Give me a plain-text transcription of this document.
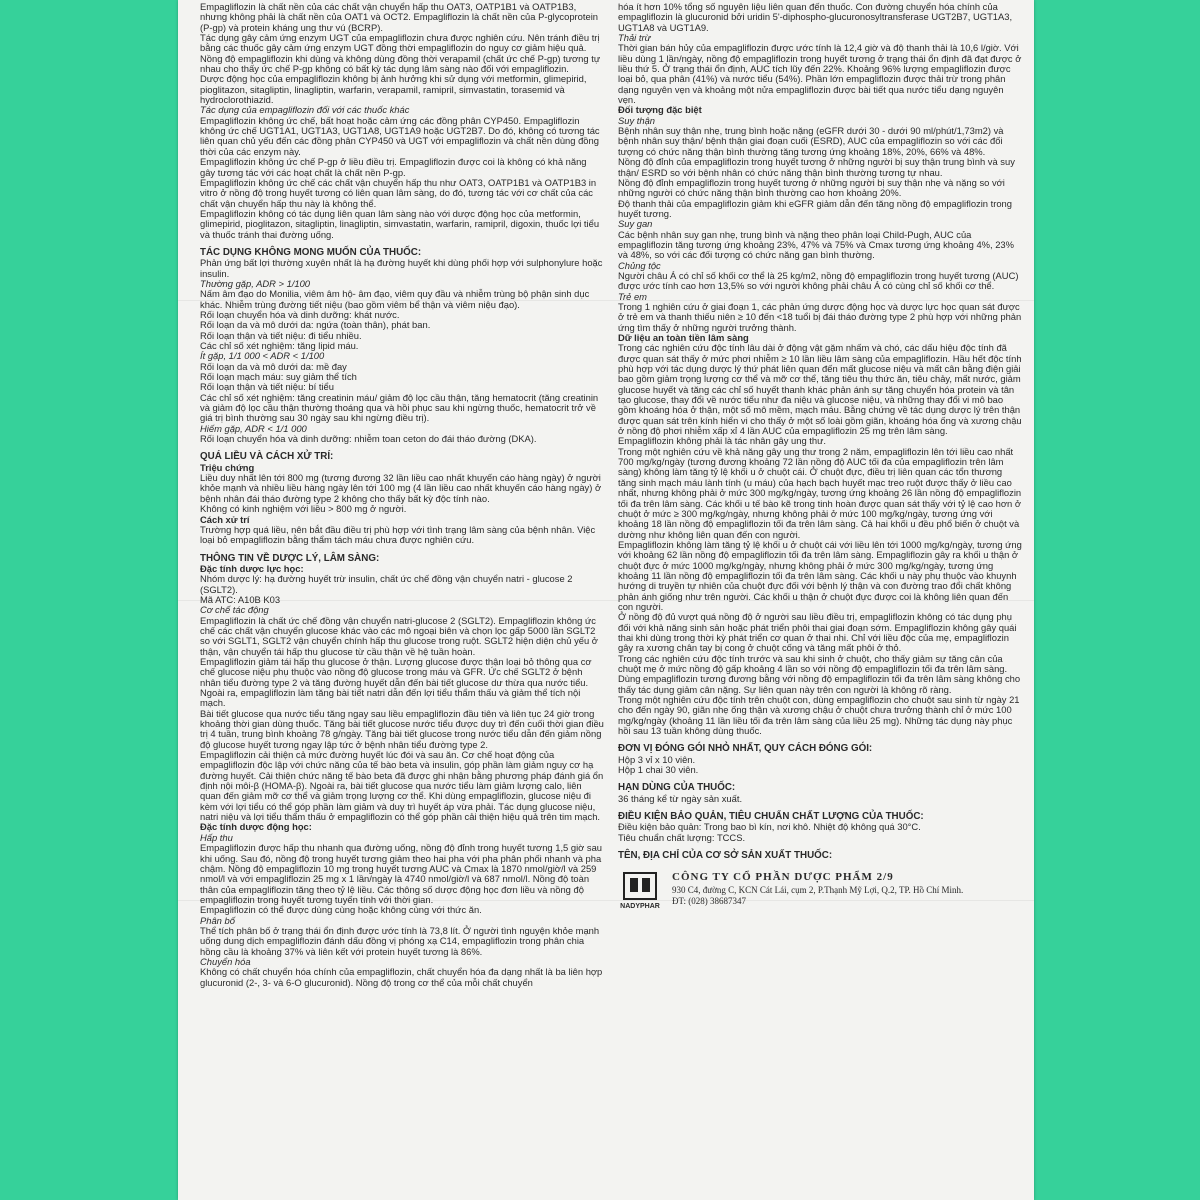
Empagliflozin là chất nền của các chất vận chuyển hấp thu OAT3, OATP1B1 và OATP1B3, nhưng không phải là chất nền của OAT1 và OCT2. Empagliflozin là chất nền của P-glycoprotein (P-gp) và protein kháng ung thư vú (BCRP).

Tác dụng gây cảm ứng enzym UGT của empagliflozin chưa được nghiên cứu. Nên tránh điều trị bằng các thuốc gây cảm ứng enzym UGT đồng thời empagliflozin do nguy cơ giảm hiệu quả.

Nồng độ empagliflozin khi dùng và không dùng đồng thời verapamil (chất ức chế P-gp) tương tự nhau cho thấy ức chế P-gp không có bất kỳ tác dụng lâm sàng nào đối với empagliflozin.

Dược động học của empagliflozin không bị ảnh hưởng khi sử dụng với metformin, glimepirid, pioglitazon, sitagliptin, linagliptin, warfarin, verapamil, ramipril, simvastatin, torasemid và hydroclorothiazid.

Tác dụng của empagliflozin đối với các thuốc khác

Empagliflozin không ức chế, bất hoạt hoặc cảm ứng các đồng phân CYP450. Empagliflozin không ức chế UGT1A1, UGT1A3, UGT1A8, UGT1A9 hoặc UGT2B7. Do đó, không có tương tác liên quan chủ yếu đến các đồng phân CYP450 và UGT với empagliflozin và chất nền dùng đồng thời của các enzym này.

Empagliflozin không ức chế P-gp ở liều điều trị. Empagliflozin được coi là không có khả năng gây tương tác với các hoạt chất là chất nền P-gp.

Empagliflozin không ức chế các chất vận chuyển hấp thu như OAT3, OATP1B1 và OATP1B3 in vitro ở nồng độ trong huyết tương có liên quan lâm sàng, do đó, tương tác với cơ chất của các chất vận chuyển hấp thu này là không thể.

Empagliflozin không có tác dụng liên quan lâm sàng nào với dược động học của metformin, glimepirid, pioglitazon, sitagliptin, linagliptin, simvastatin, warfarin, ramipril, digoxin, thuốc lợi tiểu và thuốc tránh thai đường uống.

TÁC DỤNG KHÔNG MONG MUỐN CỦA THUỐC:

Phản ứng bất lợi thường xuyên nhất là hạ đường huyết khi dùng phối hợp với sulphonylure hoặc insulin.

Thường gặp, ADR > 1/100

Nấm âm đạo do Monilia, viêm âm hộ- âm đạo, viêm quy đầu và nhiễm trùng bộ phận sinh dục khác. Nhiễm trùng đường tiết niệu (bao gồm viêm bể thận và viêm niệu đạo).

Rối loạn chuyển hóa và dinh dưỡng: khát nước.

Rối loạn da và mô dưới da: ngứa (toàn thân), phát ban.

Rối loạn thận và tiết niệu: đi tiểu nhiều.

Các chỉ số xét nghiệm: tăng lipid máu.

Ít gặp, 1/1 000 < ADR < 1/100

Rối loạn da và mô dưới da: mề đay

Rối loạn mạch máu: suy giảm thể tích

Rối loạn thận và tiết niệu: bí tiểu

Các chỉ số xét nghiệm: tăng creatinin máu/ giảm độ lọc cầu thận, tăng hematocrit (tăng creatinin và giảm độ lọc cầu thận thường thoáng qua và hồi phục sau khi ngừng thuốc, hematocrit trở về giá trị bình thường sau 30 ngày sau khi ngừng điều trị).

Hiếm gặp, ADR < 1/1 000

Rối loạn chuyển hóa và dinh dưỡng: nhiễm toan ceton do đái tháo đường (DKA).

QUÁ LIỀU VÀ CÁCH XỬ TRÍ:

Triệu chứng

Liều duy nhất lên tới 800 mg (tương đương 32 lần liều cao nhất khuyến cáo hàng ngày) ở người khỏe mạnh và nhiều liều hàng ngày lên tới 100 mg (4 lần liều cao nhất khuyến cáo hàng ngày) ở bệnh nhân đái tháo đường type 2 không cho thấy bất kỳ độc tính nào.

Không có kinh nghiệm với liều > 800 mg ở người.

Cách xử trí

Trường hợp quá liều, nên bắt đầu điều trị phù hợp với tình trạng lâm sàng của bệnh nhân. Việc loại bỏ empagliflozin bằng thẩm tách máu chưa được nghiên cứu.

THÔNG TIN VỀ DƯỢC LÝ, LÂM SÀNG:

Đặc tính dược lực học:

Nhóm dược lý: hạ đường huyết trừ insulin, chất ức chế đồng vận chuyển natri - glucose 2 (SGLT2).

Mã ATC: A10B K03

Cơ chế tác động

Empagliflozin là chất ức chế đồng vận chuyển natri-glucose 2 (SGLT2). Empagliflozin không ức chế các chất vận chuyển glucose khác vào các mô ngoại biên và chọn lọc gấp 5000 lần SGLT2 so với SGLT1, SGLT2 vận chuyển chính hấp thu glucose trong ruột. SGLT2 hiện diện chủ yếu ở thận, vận chuyển tái hấp thu glucose từ cầu thận về hệ tuần hoàn.

Empagliflozin giảm tái hấp thu glucose ở thận. Lượng glucose được thận loại bỏ thông qua cơ chế glucose niệu phụ thuộc vào nồng độ glucose trong máu và GFR. Ức chế SGLT2 ở bệnh nhân tiểu đường type 2 và tăng đường huyết dẫn đến bài tiết glucose dư thừa qua nước tiểu. Ngoài ra, empagliflozin làm tăng bài tiết natri dẫn đến lợi tiểu thẩm thấu và giảm thể tích nội mạch.

Bài tiết glucose qua nước tiểu tăng ngay sau liều empagliflozin đầu tiên và liên tục 24 giờ trong khoảng thời gian dùng thuốc. Tăng bài tiết glucose nước tiểu được duy trì đến cuối thời gian điều trị 4 tuần, trung bình khoảng 78 g/ngày. Tăng bài tiết glucose trong nước tiểu dẫn đến giảm nồng độ glucose huyết tương ngay lập tức ở bệnh nhân tiểu đường type 2.

Empagliflozin cải thiện cả mức đường huyết lúc đói và sau ăn. Cơ chế hoạt động của empagliflozin độc lập với chức năng của tế bào beta và insulin, góp phần làm giảm nguy cơ hạ đường huyết. Cải thiện chức năng tế bào beta đã được ghi nhận bằng phương pháp đánh giá ổn định nội môi-β (HOMA-β). Ngoài ra, bài tiết glucose qua nước tiểu làm giảm lượng calo, liên quan đến giảm mỡ cơ thể và giảm trọng lượng cơ thể. Khi dùng empagliflozin, glucose niệu đi kèm với lợi tiểu có thể góp phần làm giảm và duy trì huyết áp vừa phải. Tác dụng glucose niệu, natri niệu và lợi tiểu thẩm thấu ở empagliflozin có thể góp phần cải thiện hiệu quả trên tim mạch.

Đặc tính dược động học:

Hấp thu

Empagliflozin được hấp thu nhanh qua đường uống, nồng độ đỉnh trong huyết tương 1,5 giờ sau khi uống. Sau đó, nồng độ trong huyết tương giảm theo hai pha với pha phân phối nhanh và pha chậm. Nồng độ empagliflozin 10 mg trong huyết tương AUC và Cmax là 1870 nmol/giờ/l và 259 nmol/l và với empagliflozin 25 mg x 1 lần/ngày là 4740 nmol/giờ/l và 687 nmol/l. Nồng độ toàn thân của empagliflozin tăng theo tỷ lệ liều. Các thông số dược động học đơn liều và nồng độ empagliflozin trong huyết tương tuyến tính với thời gian.

Empagliflozin có thể được dùng cùng hoặc không cùng với thức ăn.

Phân bố

Thể tích phân bố ở trạng thái ổn định được ước tính là 73,8 lít. Ở người tình nguyện khỏe mạnh uống dung dịch empagliflozin đánh dấu đồng vị phóng xạ C14, empagliflozin trong phân chia hồng cầu là khoảng 37% và liên kết với protein huyết tương là 86%.

Chuyển hóa

Không có chất chuyển hóa chính của empagliflozin, chất chuyển hóa đa dạng nhất là ba liên hợp glucuronid (2-, 3- và 6-O glucuronid). Nồng độ trong cơ thể của mỗi chất chuyển

hóa ít hơn 10% tổng số nguyên liệu liên quan đến thuốc. Con đường chuyển hóa chính của empagliflozin là glucuronid bởi uridin 5'-diphospho-glucuronosyltransferase UGT2B7, UGT1A3, UGT1A8 và UGT1A9.

Thải trừ

Thời gian bán hủy của empagliflozin được ước tính là 12,4 giờ và độ thanh thải là 10,6 l/giờ. Với liều dùng 1 lần/ngày, nồng độ empagliflozin trong huyết tương ở trạng thái ổn định đã đạt được ở liều thứ 5. Ở trạng thái ổn định, AUC tích lũy đến 22%. Khoảng 96% lượng empagliflozin được loại bỏ, qua phân (41%) và nước tiểu (54%). Phần lớn empagliflozin được thải trừ trong phân dạng nguyên vẹn và khoảng một nửa empagliflozin được bài tiết qua nước tiểu dạng nguyên vẹn.

Đối tượng đặc biệt

Suy thận

Bệnh nhân suy thận nhẹ, trung bình hoặc nặng (eGFR dưới 30 - dưới 90 ml/phút/1,73m2) và bệnh nhân suy thận/ bệnh thận giai đoạn cuối (ESRD), AUC của empagliflozin so với các đối tượng có chức năng thận bình thường tăng tương ứng khoảng 18%, 20%, 66% và 48%.

Nồng độ đỉnh của empagliflozin trong huyết tương ở những người bị suy thận trung bình và suy thận/ ESRD so với bệnh nhân có chức năng thận bình thường tương tự nhau.

Nồng độ đỉnh empagliflozin trong huyết tương ở những người bị suy thận nhẹ và nặng so với những người có chức năng thận bình thường cao hơn khoảng 20%.

Độ thanh thải của empagliflozin giảm khi eGFR giảm dẫn đến tăng nồng độ empagliflozin trong huyết tương.

Suy gan

Các bệnh nhân suy gan nhẹ, trung bình và nặng theo phân loại Child-Pugh, AUC của empagliflozin tăng tương ứng khoảng 23%, 47% và 75% và Cmax tương ứng khoảng 4%, 23% và 48%, so với các đối tượng có chức năng gan bình thường.

Chủng tộc

Người châu Á có chỉ số khối cơ thể là 25 kg/m2, nồng độ empagliflozin trong huyết tương (AUC) được ước tính cao hơn 13,5% so với người không phải châu Á có cùng chỉ số khối cơ thể.

Trẻ em

Trong 1 nghiên cứu ở giai đoạn 1, các phản ứng dược động học và dược lực học quan sát được ở trẻ em và thanh thiếu niên ≥ 10 đến <18 tuổi bị đái tháo đường type 2 phù hợp với những phản ứng tìm thấy ở những người trưởng thành.

Dữ liệu an toàn tiền lâm sàng

Trong các nghiên cứu độc tính lâu dài ở động vật gặm nhấm và chó, các dấu hiệu độc tính đã được quan sát thấy ở mức phơi nhiễm ≥ 10 lần liều lâm sàng của empagliflozin. Hầu hết độc tính phù hợp với tác dụng dược lý thứ phát liên quan đến mất glucose niệu và mất cân bằng điện giải bao gồm giảm trọng lượng cơ thể và mỡ cơ thể, tăng tiêu thụ thức ăn, tiêu chảy, mất nước, giảm glucose huyết và tăng các chỉ số huyết thanh khác phản ánh sự tăng chuyển hóa protein và tân tạo glucose, thay đổi về nước tiểu như đa niệu và glucose niệu, và những thay đổi vi mô bao gồm khoáng hóa ở thận, một số mô mềm, mạch máu. Bằng chứng về tác dụng dược lý trên thận được quan sát trên kính hiển vi cho thấy ở một số loài gồm giãn, khoáng hóa ống và xương chậu ở nồng độ phơi nhiễm xấp xỉ 4 lần AUC của empagliflozin 25 mg trên lâm sàng.

Empagliflozin không phải là tác nhân gây ung thư.

Trong một nghiên cứu về khả năng gây ung thư trong 2 năm, empagliflozin lên tới liều cao nhất 700 mg/kg/ngày (tương đương khoảng 72 lần nồng độ AUC tối đa của empagliflozin trên lâm sàng) không làm tăng tỷ lệ khối u ở chuột cái. Ở chuột đực, điều trị liên quan các tổn thương tăng sinh mạch máu lành tính (u máu) của hạch bạch huyết mạc treo ruột được thấy ở liều cao nhất, nhưng không phải ở mức 300 mg/kg/ngày, tương ứng khoảng 26 lần nồng độ empagliflozin tối đa trên lâm sàng. Các khối u tế bào kẽ trong tinh hoàn được quan sát thấy với tỷ lệ cao hơn ở chuột ở mức ≥ 300 mg/kg/ngày, nhưng không phải ở mức 100 mg/kg/ngày, tương ứng với khoảng 18 lần nồng độ empagliflozin tối đa trên lâm sàng. Cả hai khối u đều phổ biến ở chuột và dường như không liên quan đến con người.

Empagliflozin không làm tăng tỷ lệ khối u ở chuột cái với liều lên tới 1000 mg/kg/ngày, tương ứng với khoảng 62 lần nồng độ empagliflozin tối đa trên lâm sàng. Empagliflozin gây ra khối u thận ở chuột đực ở mức 1000 mg/kg/ngày, nhưng không phải ở mức 300 mg/kg/ngày, tương ứng khoảng 11 lần nồng độ empagliflozin tối đa trên lâm sàng. Các khối u này phụ thuộc vào khuynh hướng di truyền tự nhiên của chuột đực đối với bệnh lý thận và con đường trao đổi chất không phản ánh giống như trên người. Các khối u thận ở chuột đực được coi là không liên quan đến con người.

Ở nồng độ đủ vượt quá nồng độ ở người sau liều điều trị, empagliflozin không có tác dụng phụ đối với khả năng sinh sản hoặc phát triển phôi thai giai đoạn sớm. Empagliflozin không gây quái thai khi dùng trong thời kỳ phát triển cơ quan ở thai nhi. Chỉ với liều độc của mẹ, empagliflozin gây ra xương chân tay bị cong ở chuột cống và tăng mất phôi ở thỏ.

Trong các nghiên cứu độc tính trước và sau khi sinh ở chuột, cho thấy giảm sự tăng cân của chuột mẹ ở mức nồng độ gấp khoảng 4 lần so với nồng độ empagliflozin tối đa trên lâm sàng. Dùng empagliflozin tương đương bằng với nồng độ empagliflozin tối đa trên lâm sàng không cho thấy tác dụng giảm cân nặng. Sự liên quan này trên con người là không rõ ràng.

Trong một nghiên cứu độc tính trên chuột con, dùng empagliflozin cho chuột sau sinh từ ngày 21 cho đến ngày 90, giãn nhẹ ống thận và xương chậu ở chuột chưa trưởng thành chỉ ở mức 100 mg/kg/ngày (khoảng 11 lần liều tối đa trên lâm sàng của liều 25 mg). Những tác dụng này phục hồi sau 13 tuần không dùng thuốc.

ĐƠN VỊ ĐÓNG GÓI NHỎ NHẤT, QUY CÁCH ĐÓNG GÓI:

Hộp 3 vỉ x 10 viên.

Hộp 1 chai 30 viên.

HẠN DÙNG CỦA THUỐC:

36 tháng kể từ ngày sản xuất.

ĐIỀU KIỆN BẢO QUẢN, TIÊU CHUẨN CHẤT LƯỢNG CỦA THUỐC:

Điều kiện bảo quản: Trong bao bì kín, nơi khô. Nhiệt độ không quá 30°C.

Tiêu chuẩn chất lượng: TCCS.

TÊN, ĐỊA CHỈ CỦA CƠ SỞ SẢN XUẤT THUỐC:

NADYPHAR
CÔNG TY CỔ PHẦN DƯỢC PHẨM 2/9
930 C4, đường C, KCN Cát Lái, cụm 2, P.Thạnh Mỹ Lợi, Q.2, TP. Hồ Chí Minh.
ĐT: (028) 38687347
